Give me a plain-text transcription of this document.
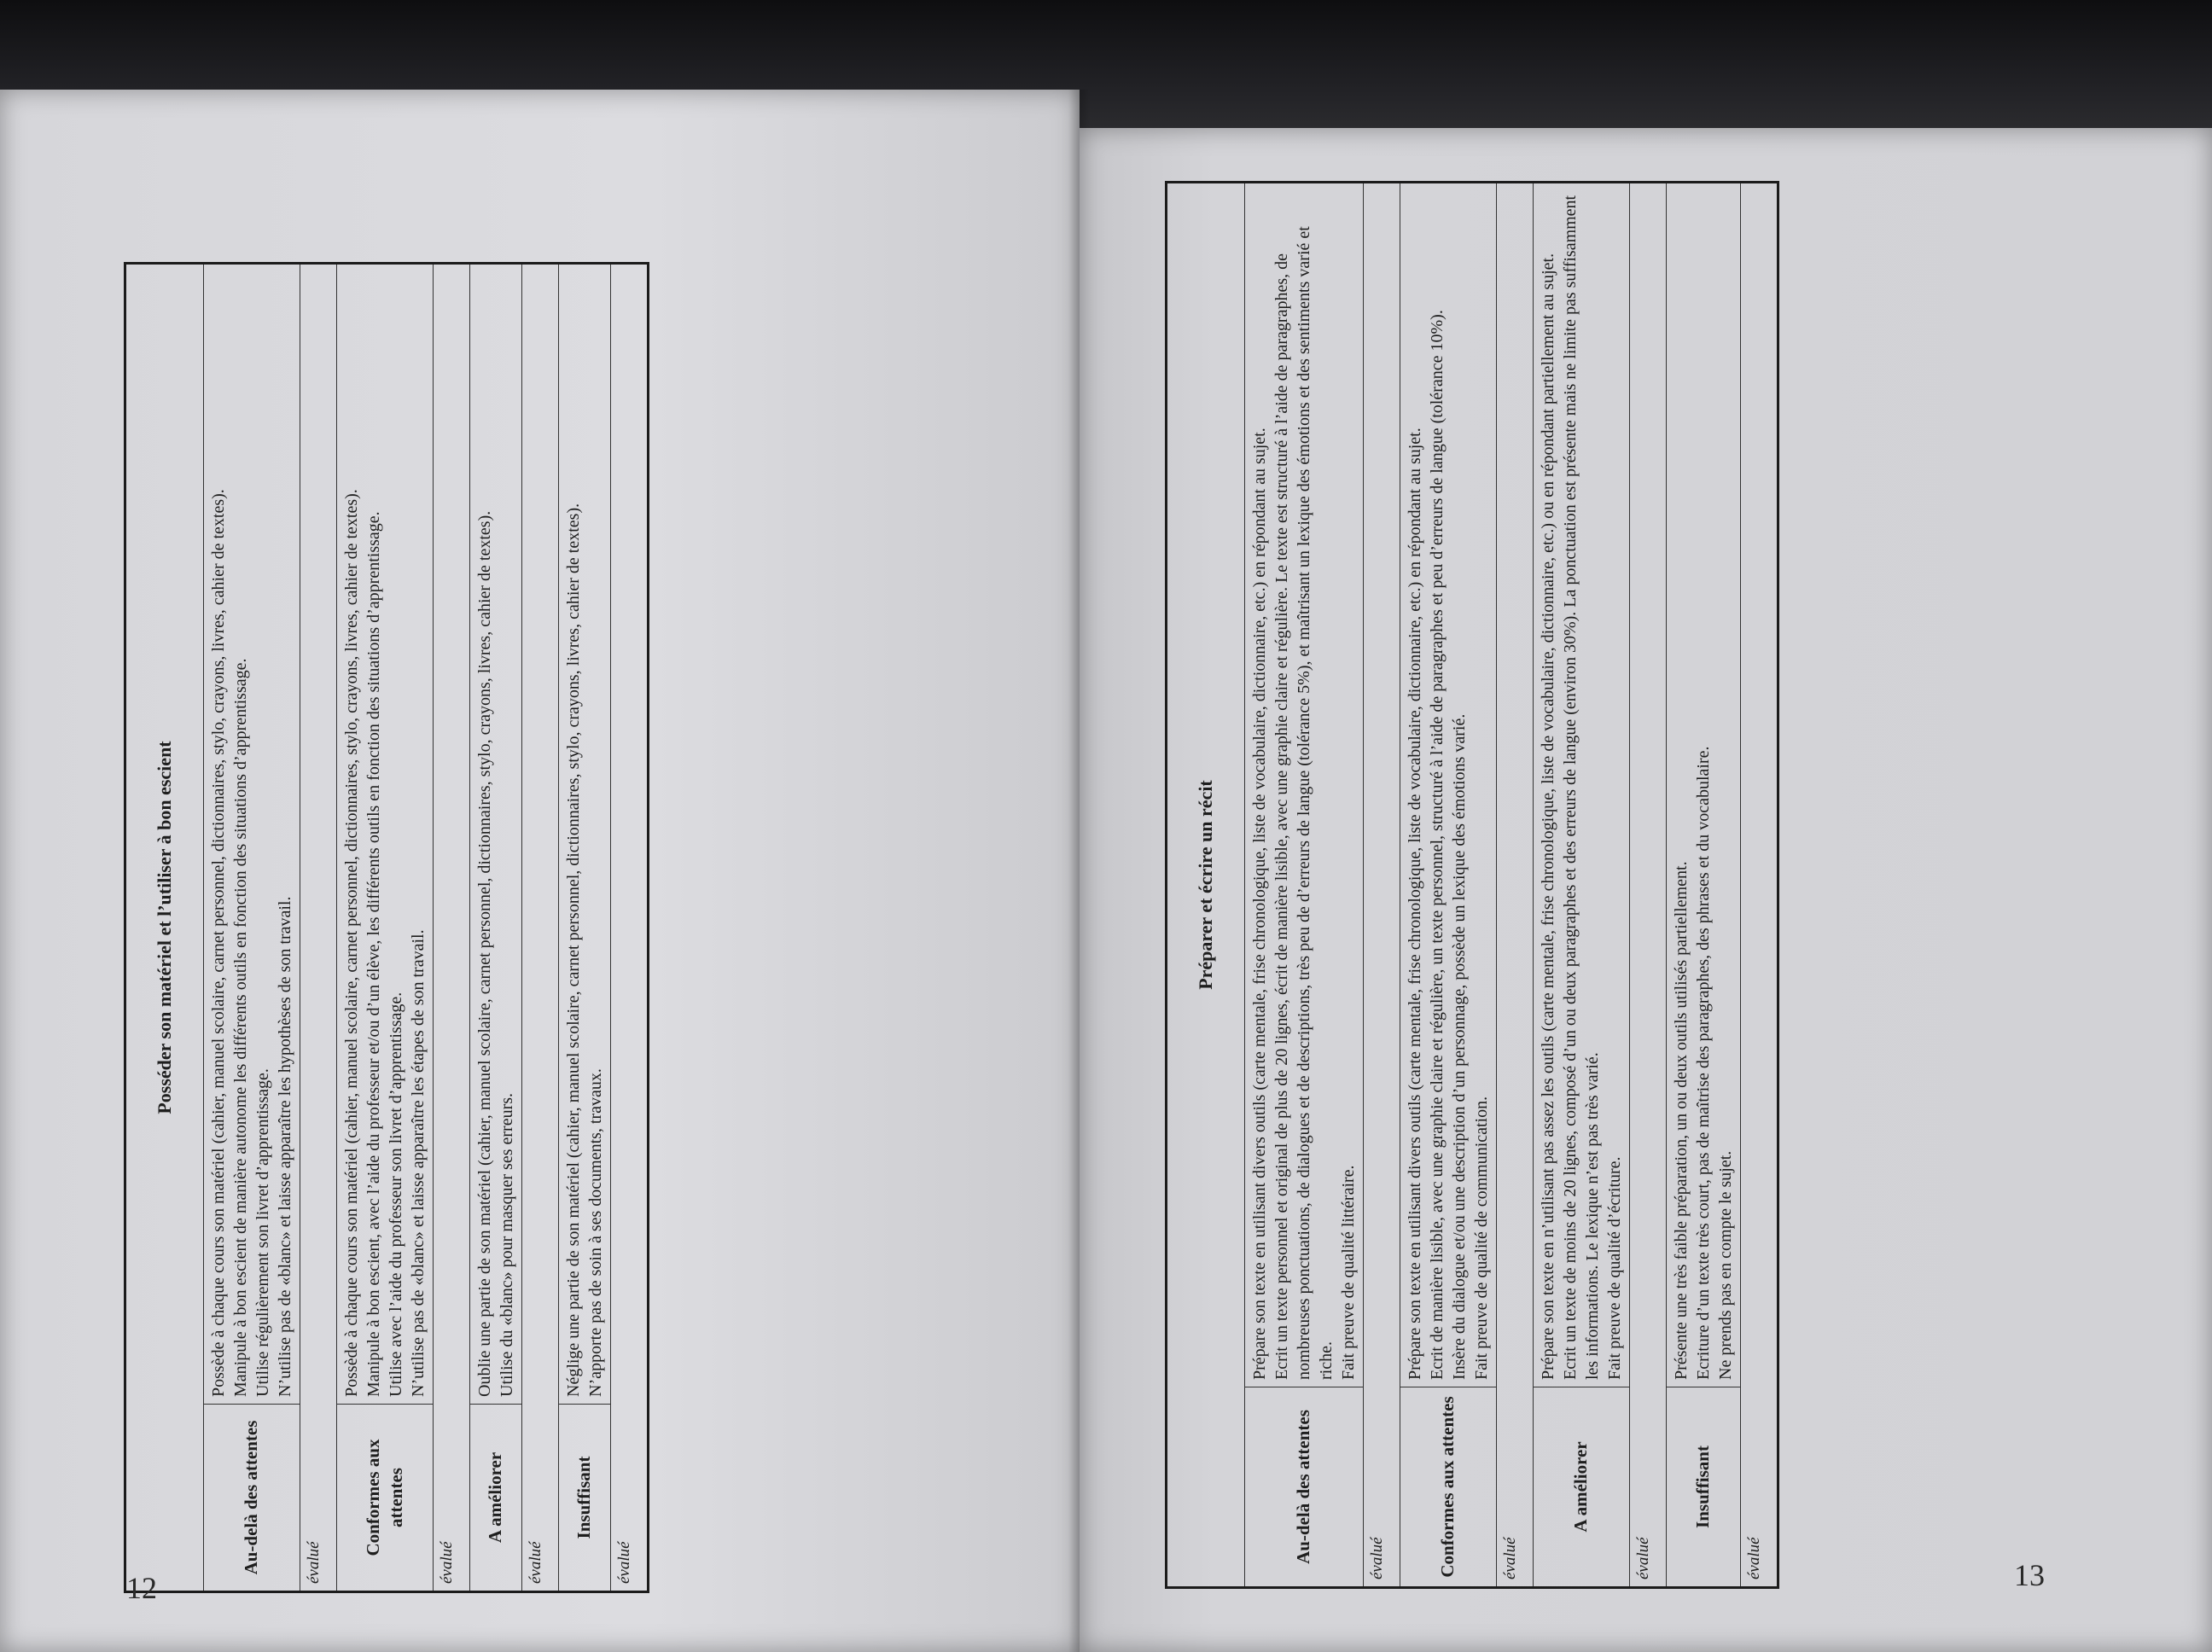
Posséder son matériel et l’utiliser à bon escient	
Au-delà des attentes	Possède à chaque cours son matériel (cahier, manuel scolaire, carnet personnel, dictionnaires, stylo, crayons, livres, cahier de textes). Manipule à bon escient de manière autonome les différents outils en fonction des situations d’apprentissage. Utilise régulièrement son livret d’apprentissage. N’utilise pas de «blanc» et laisse apparaître les hypothèses de son travail.

évalué	
Conformes aux attentes	Possède à chaque cours son matériel (cahier, manuel scolaire, carnet personnel, dictionnaires, stylo, crayons, livres, cahier de textes). Manipule à bon escient, avec l’aide du professeur et/ou d’un élève, les différents outils en fonction des situations d’apprentissage. Utilise avec l’aide du professeur son livret d’apprentissage. N’utilise pas de «blanc» et laisse apparaître les étapes de son travail.

évalué	
A améliorer	Oublie une partie de son matériel (cahier, manuel scolaire, carnet personnel, dictionnaires, stylo, crayons, livres, cahier de textes). Utilise du «blanc» pour masquer ses erreurs.

évalué	
Insuffisant	Néglige une partie de son matériel (cahier, manuel scolaire, carnet personnel, dictionnaires, stylo, crayons, livres, cahier de textes). N’apporte pas de soin à ses documents, travaux.

évalué	
12
Préparer et écrire un récit	
Au-delà des attentes	Prépare son texte en utilisant divers outils (carte mentale, frise chronologique, liste de vocabulaire, dictionnaire, etc.) en répondant au sujet. Ecrit un texte personnel et original de plus de 20 lignes, écrit de manière lisible, avec une graphie claire et régulière. Le texte est structuré à l’aide de paragraphes, de nombreuses ponctuations, de dialogues et de descriptions, très peu de d’erreurs de langue (tolérance 5%), et maîtrisant un lexique des émotions et des sentiments varié et riche. Fait preuve de qualité littéraire.

évalué	
Conformes aux attentes	Prépare son texte en utilisant divers outils (carte mentale, frise chronologique, liste de vocabulaire, dictionnaire, etc.) en répondant au sujet. Ecrit de manière lisible, avec une graphie claire et régulière, un texte personnel, structuré à l’aide de paragraphes et peu d’erreurs de langue (tolérance 10%). Insère du dialogue et/ou une description d’un personnage, possède un lexique des émotions varié. Fait preuve de qualité de communication.

évalué	
A améliorer	Prépare son texte en n’utilisant pas assez les outils (carte mentale, frise chronologique, liste de vocabulaire, dictionnaire, etc.) ou en répondant partiellement au sujet. Ecrit un texte de moins de 20 lignes, composé d’un ou deux paragraphes et des erreurs de langue (environ 30%). La ponctuation est présente mais ne limite pas suffisamment les informations. Le lexique n’est pas très varié. Fait preuve de qualité d’écriture.

évalué	
Insuffisant	Présente une très faible préparation, un ou deux outils utilisés partiellement. Ecriture d’un texte très court, pas de maîtrise des paragraphes, des phrases et du vocabulaire. Ne prends pas en compte le sujet.

évalué		13
